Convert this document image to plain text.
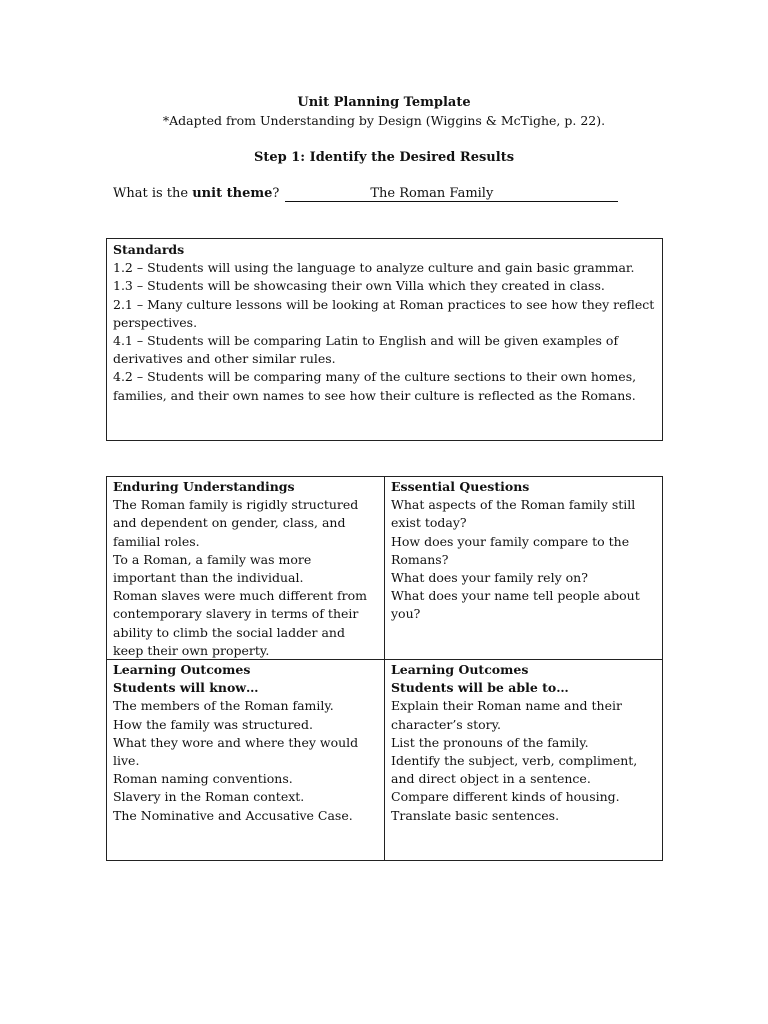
Unit Planning Template
*Adapted from Understanding by Design (Wiggins & McTighe, p. 22).
Step 1: Identify the Desired Results
What is the unit theme?	The Roman Family
Standards
1.2 – Students will using the language to analyze culture and gain basic grammar.
1.3 – Students will be showcasing their own Villa which they created in class.
2.1 – Many culture lessons will be looking at Roman practices to see how they reflect
perspectives.
4.1 – Students will be comparing Latin to English and will be given examples of
derivatives and other similar rules.
4.2 – Students will be comparing many of the culture sections to their own homes,
families, and their own names to see how their culture is reflected as the Romans.
Enduring Understandings
The Roman family is rigidly structured
and dependent on gender, class, and
familial roles.
To a Roman, a family was more
important than the individual.
Roman slaves were much different from
contemporary slavery in terms of their
ability to climb the social ladder and
keep their own property.
Essential Questions
What aspects of the Roman family still
exist today?
How does your family compare to the
Romans?
What does your family rely on?
What does your name tell people about
you?
Learning Outcomes
Students will know…
The members of the Roman family.
How the family was structured.
What they wore and where they would
live.
Roman naming conventions.
Slavery in the Roman context.
The Nominative and Accusative Case.
Learning Outcomes
Students will be able to…
Explain their Roman name and their
character’s story.
List the pronouns of the family.
Identify the subject, verb, compliment,
and direct object in a sentence.
Compare different kinds of housing.
Translate basic sentences.
